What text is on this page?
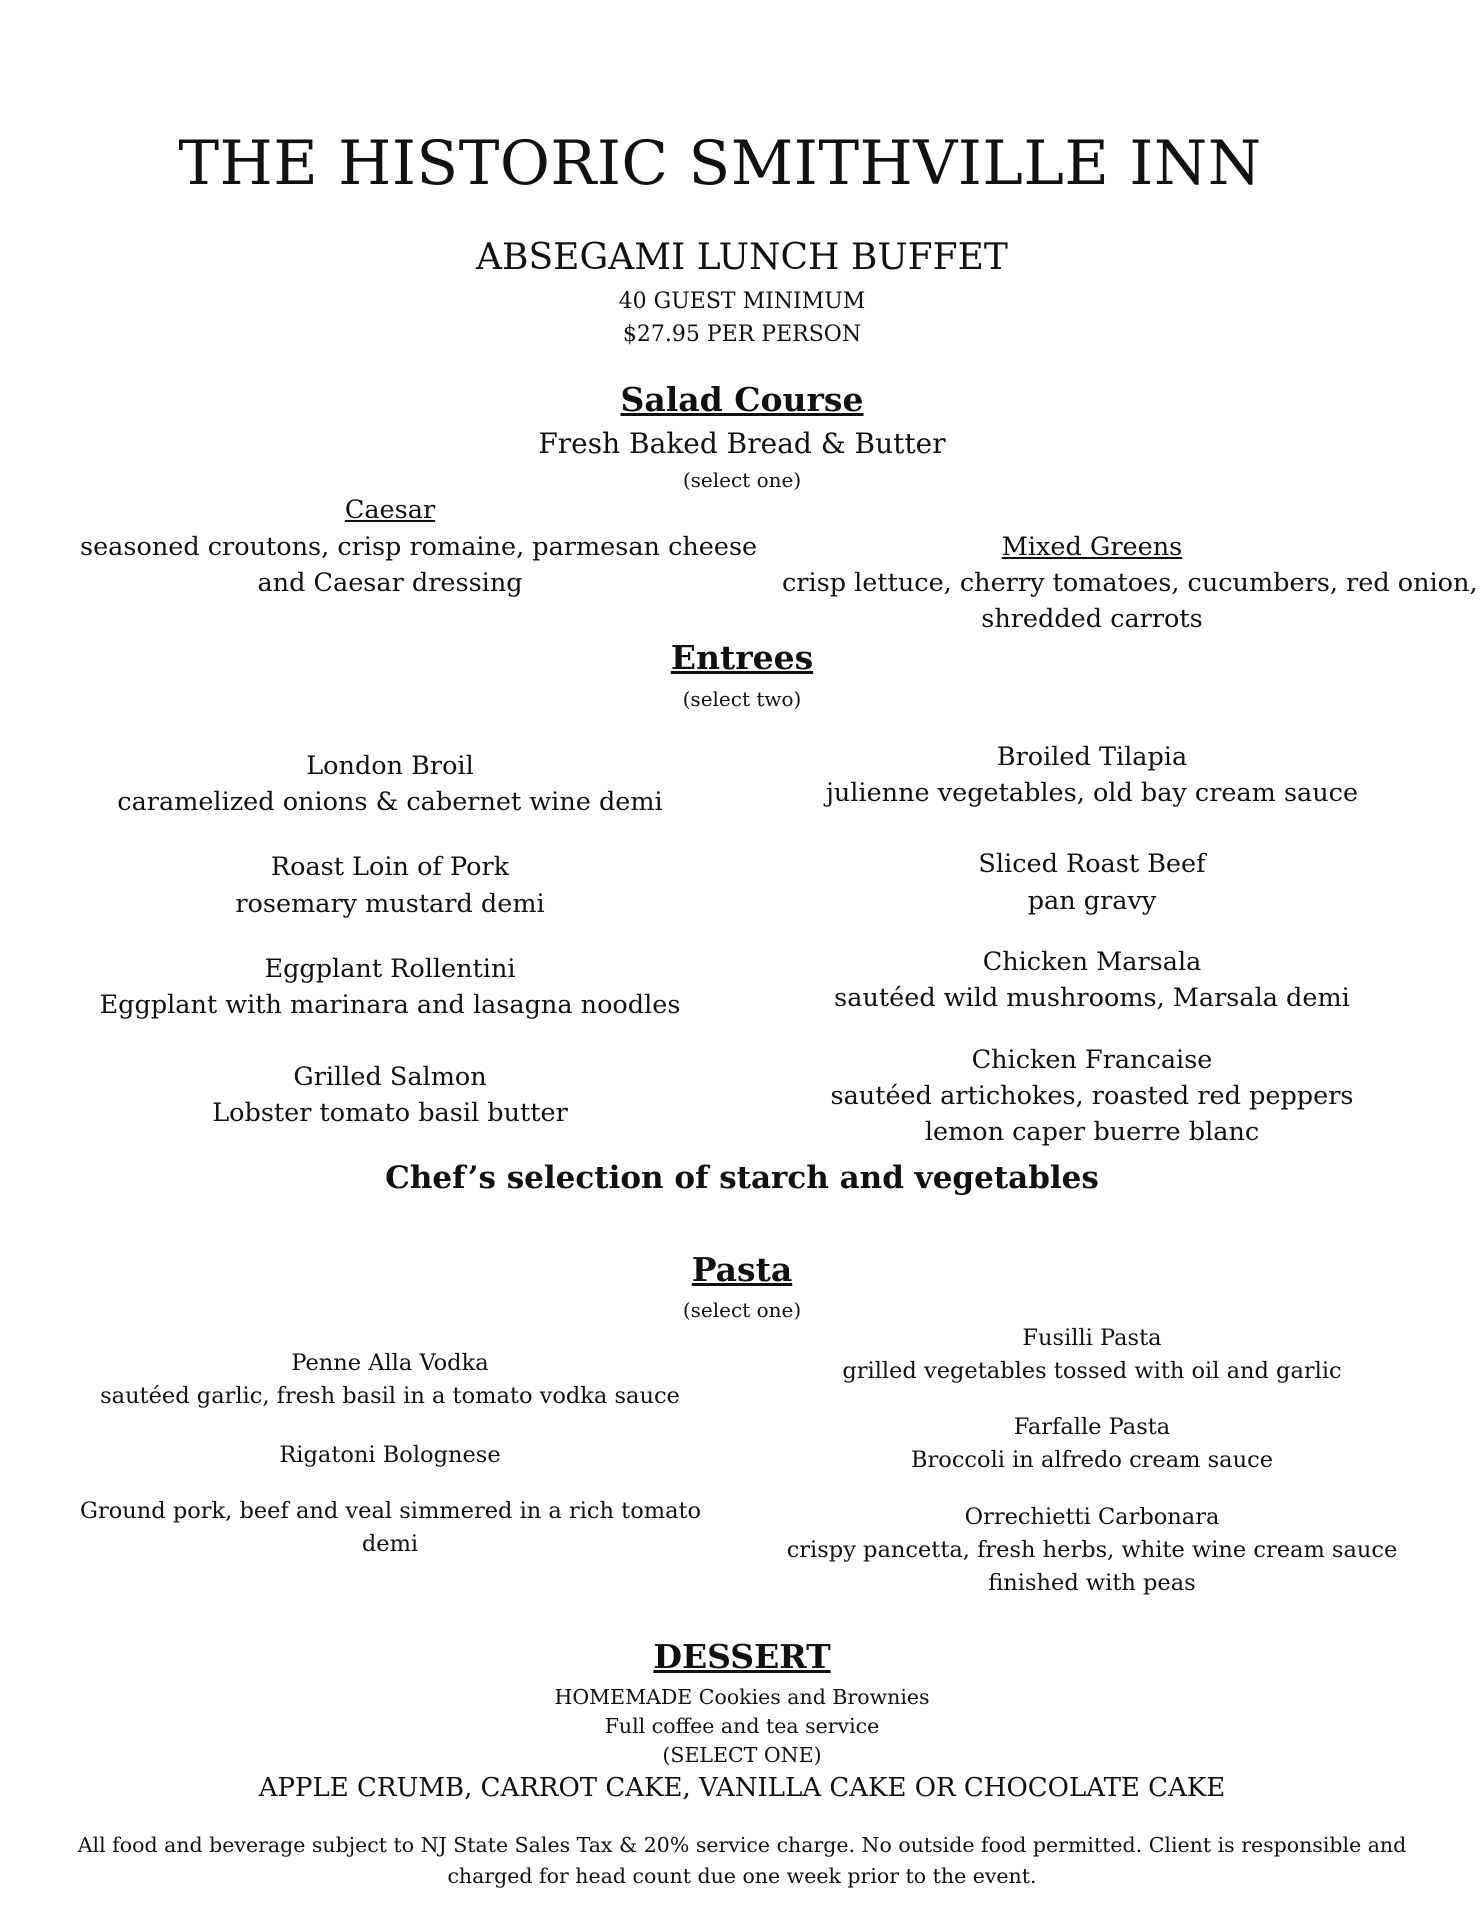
THE HISTORIC SMITHVILLE INN
ABSEGAMI LUNCH BUFFET
40 GUEST MINIMUM
$27.95 PER PERSON
Salad Course
Fresh Baked Bread & Butter
(select one)
Caesar
seasoned croutons, crisp romaine, parmesan cheese
and Caesar dressing
Mixed Greens
crisp lettuce, cherry tomatoes, cucumbers, red onion,
shredded carrots
Entrees
(select two)
London Broil
caramelized onions & cabernet wine demi
Roast Loin of Pork
rosemary mustard demi
Eggplant Rollentini
Eggplant with marinara and lasagna noodles
Grilled Salmon
Lobster tomato basil butter
Broiled Tilapia
julienne vegetables, old bay cream sauce
Sliced Roast Beef
pan gravy
Chicken Marsala
sautéed wild mushrooms, Marsala demi
Chicken Francaise
sautéed artichokes, roasted red peppers
lemon caper buerre blanc
Chef’s selection of starch and vegetables
Pasta
(select one)
Penne Alla Vodka
sautéed garlic, fresh basil in a tomato vodka sauce
Rigatoni Bolognese
Ground pork, beef and veal simmered in a rich tomato
demi
Fusilli Pasta
grilled vegetables tossed with oil and garlic
Farfalle Pasta
Broccoli in alfredo cream sauce
Orrechietti Carbonara
crispy pancetta, fresh herbs, white wine cream sauce
finished with peas
DESSERT
HOMEMADE Cookies and Brownies
Full coffee and tea service
(SELECT ONE)
APPLE CRUMB, CARROT CAKE, VANILLA CAKE OR CHOCOLATE CAKE
All food and beverage subject to NJ State Sales Tax & 20% service charge. No outside food permitted. Client is responsible and charged for head count due one week prior to the event.
